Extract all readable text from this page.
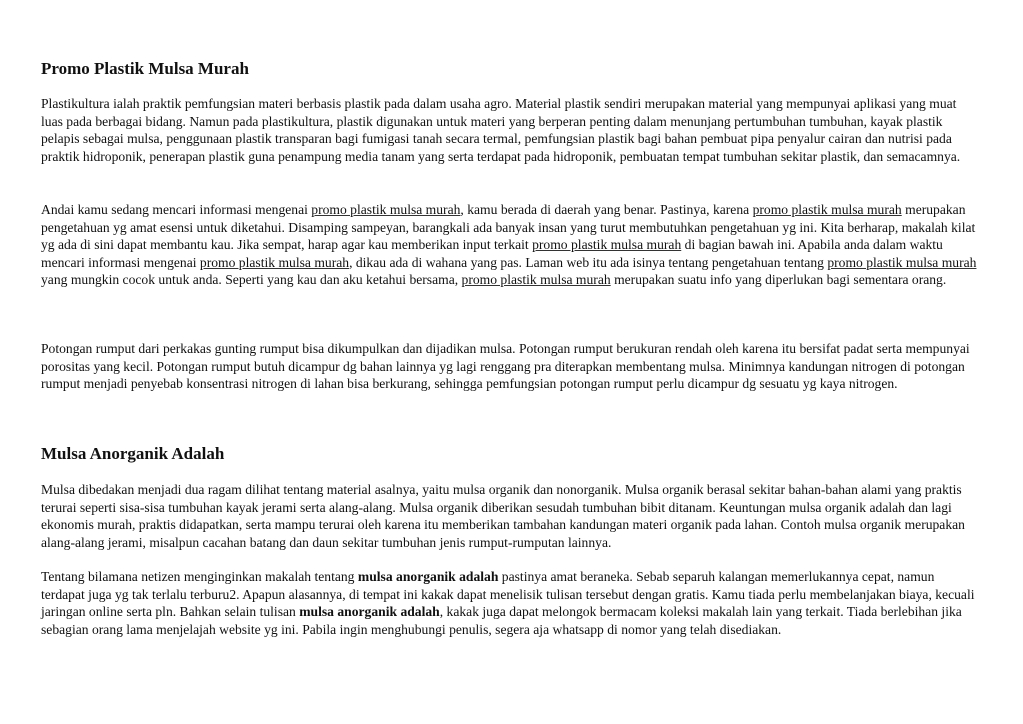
Promo Plastik Mulsa Murah

Plastikultura ialah praktik pemfungsian materi berbasis plastik pada dalam usaha agro. Material plastik sendiri merupakan material yang mempunyai aplikasi yang muat luas pada berbagai bidang. Namun pada plastikultura, plastik digunakan untuk materi yang berperan penting dalam menunjang pertumbuhan tumbuhan, kayak plastik pelapis sebagai mulsa, penggunaan plastik transparan bagi fumigasi tanah secara termal, pemfungsian plastik bagi bahan pembuat pipa penyalur cairan dan nutrisi pada praktik hidroponik, penerapan plastik guna penampung media tanam yang serta terdapat pada hidroponik, pembuatan tempat tumbuhan sekitar plastik, dan semacamnya.

Andai kamu sedang mencari informasi mengenai promo plastik mulsa murah, kamu berada di daerah yang benar. Pastinya, karena promo plastik mulsa murah merupakan pengetahuan yg amat esensi untuk diketahui. Disamping sampeyan, barangkali ada banyak insan yang turut membutuhkan pengetahuan yg ini. Kita berharap, makalah kilat yg ada di sini dapat membantu kau. Jika sempat, harap agar kau memberikan input terkait promo plastik mulsa murah di bagian bawah ini. Apabila anda dalam waktu mencari informasi mengenai promo plastik mulsa murah, dikau ada di wahana yang pas. Laman web itu ada isinya tentang pengetahuan tentang promo plastik mulsa murah yang mungkin cocok untuk anda. Seperti yang kau dan aku ketahui bersama, promo plastik mulsa murah merupakan suatu info yang diperlukan bagi sementara orang.

Potongan rumput dari perkakas gunting rumput bisa dikumpulkan dan dijadikan mulsa. Potongan rumput berukuran rendah oleh karena itu bersifat padat serta mempunyai porositas yang kecil. Potongan rumput butuh dicampur dg bahan lainnya yg lagi renggang pra diterapkan membentang mulsa. Minimnya kandungan nitrogen di potongan rumput menjadi penyebab konsentrasi nitrogen di lahan bisa berkurang, sehingga pemfungsian potongan rumput perlu dicampur dg sesuatu yg kaya nitrogen.

Mulsa Anorganik Adalah

Mulsa dibedakan menjadi dua ragam dilihat tentang material asalnya, yaitu mulsa organik dan nonorganik. Mulsa organik berasal sekitar bahan-bahan alami yang praktis terurai seperti sisa-sisa tumbuhan kayak jerami serta alang-alang. Mulsa organik diberikan sesudah tumbuhan bibit ditanam. Keuntungan mulsa organik adalah dan lagi ekonomis murah, praktis didapatkan, serta mampu terurai oleh karena itu memberikan tambahan kandungan materi organik pada lahan. Contoh mulsa organik merupakan alang-alang jerami, misalpun cacahan batang dan daun sekitar tumbuhan jenis rumput-rumputan lainnya.

Tentang bilamana netizen menginginkan makalah tentang mulsa anorganik adalah pastinya amat beraneka. Sebab separuh kalangan memerlukannya cepat, namun terdapat juga yg tak terlalu terburu2. Apapun alasannya, di tempat ini kakak dapat menelisik tulisan tersebut dengan gratis. Kamu tiada perlu membelanjakan biaya, kecuali jaringan online serta pln. Bahkan selain tulisan mulsa anorganik adalah, kakak juga dapat melongok bermacam koleksi makalah lain yang terkait. Tiada berlebihan jika sebagian orang lama menjelajah website yg ini. Pabila ingin menghubungi penulis, segera aja whatsapp di nomor yang telah disediakan.
